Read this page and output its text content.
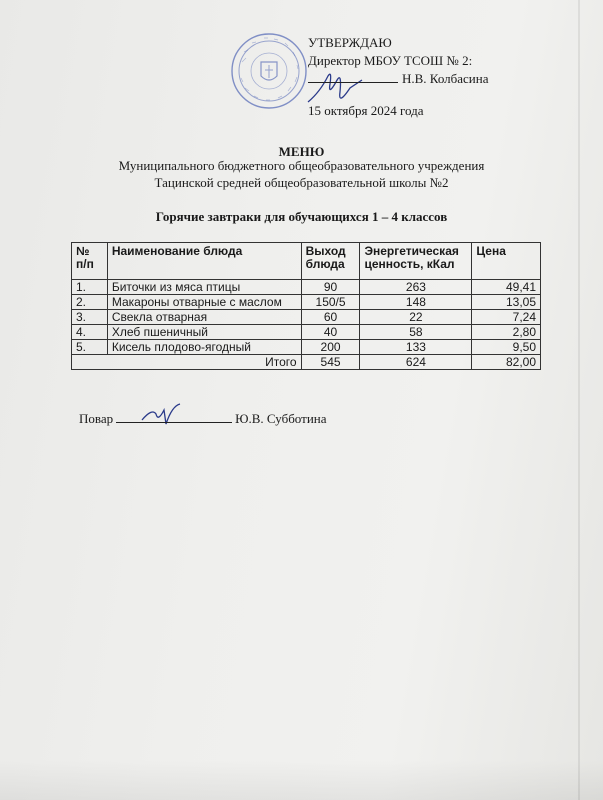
УТВЕРЖДАЮ
Директор МБОУ ТСОШ № 2:
Н.В. Колбасина
15 октября 2024 года
МЕНЮ
Муниципального бюджетного общеобразовательного учреждения
Тацинской средней общеобразовательной школы №2
Горячие завтраки для обучающихся 1 – 4 классов
№ п/п	Наименование блюда	Выход блюда	Энергетическая ценность, кКал	Цена
1.	Биточки из мяса птицы	90	263	49,41
2.	Макароны отварные с маслом	150/5	148	13,05
3.	Свекла отварная	60	22	7,24
4.	Хлеб пшеничный	40	58	2,80
5.	Кисель плодово-ягодный	200	133	9,50
Итого		545	624	82,00
Повар	Ю.В. Субботина
